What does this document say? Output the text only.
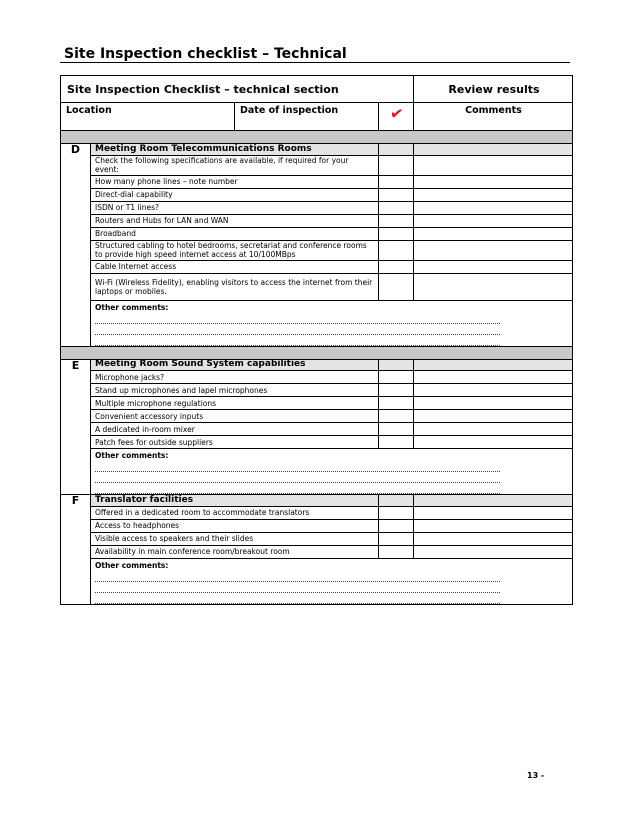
Site Inspection checklist – Technical
Site Inspection Checklist – technical section				Review results
Location		Date of inspection	✔	Comments

D	Meeting Room Telecommunications Rooms			
	Check the following specifications are available, if required for your event:			
	How many phone lines – note number			
	Direct-dial capability			
	ISDN or T1 lines?			
	Routers and Hubs for LAN and WAN			
	Broadband			
	Structured cabling to hotel bedrooms, secretariat and conference rooms to provide high speed internet access at 10/100MBps			
	Cable Internet access			
	Wi-Fi (Wireless Fidelity), enabling visitors to access the internet from their laptops or mobiles.			

	Other comments:			

E	Meeting Room Sound System capabilities			
	Microphone jacks?			
	Stand up microphones and lapel microphones			
	Multiple microphone regulations			
	Convenient accessory inputs			
	A dedicated in-room mixer			
	Patch fees for outside suppliers			

	Other comments:			

F	Translator facilities			
	Offered in a dedicated room to accommodate translators			
	Access to headphones			
	Visible access to speakers and their slides			
	Availability in main conference room/breakout room			

	Other comments:			
13 -
